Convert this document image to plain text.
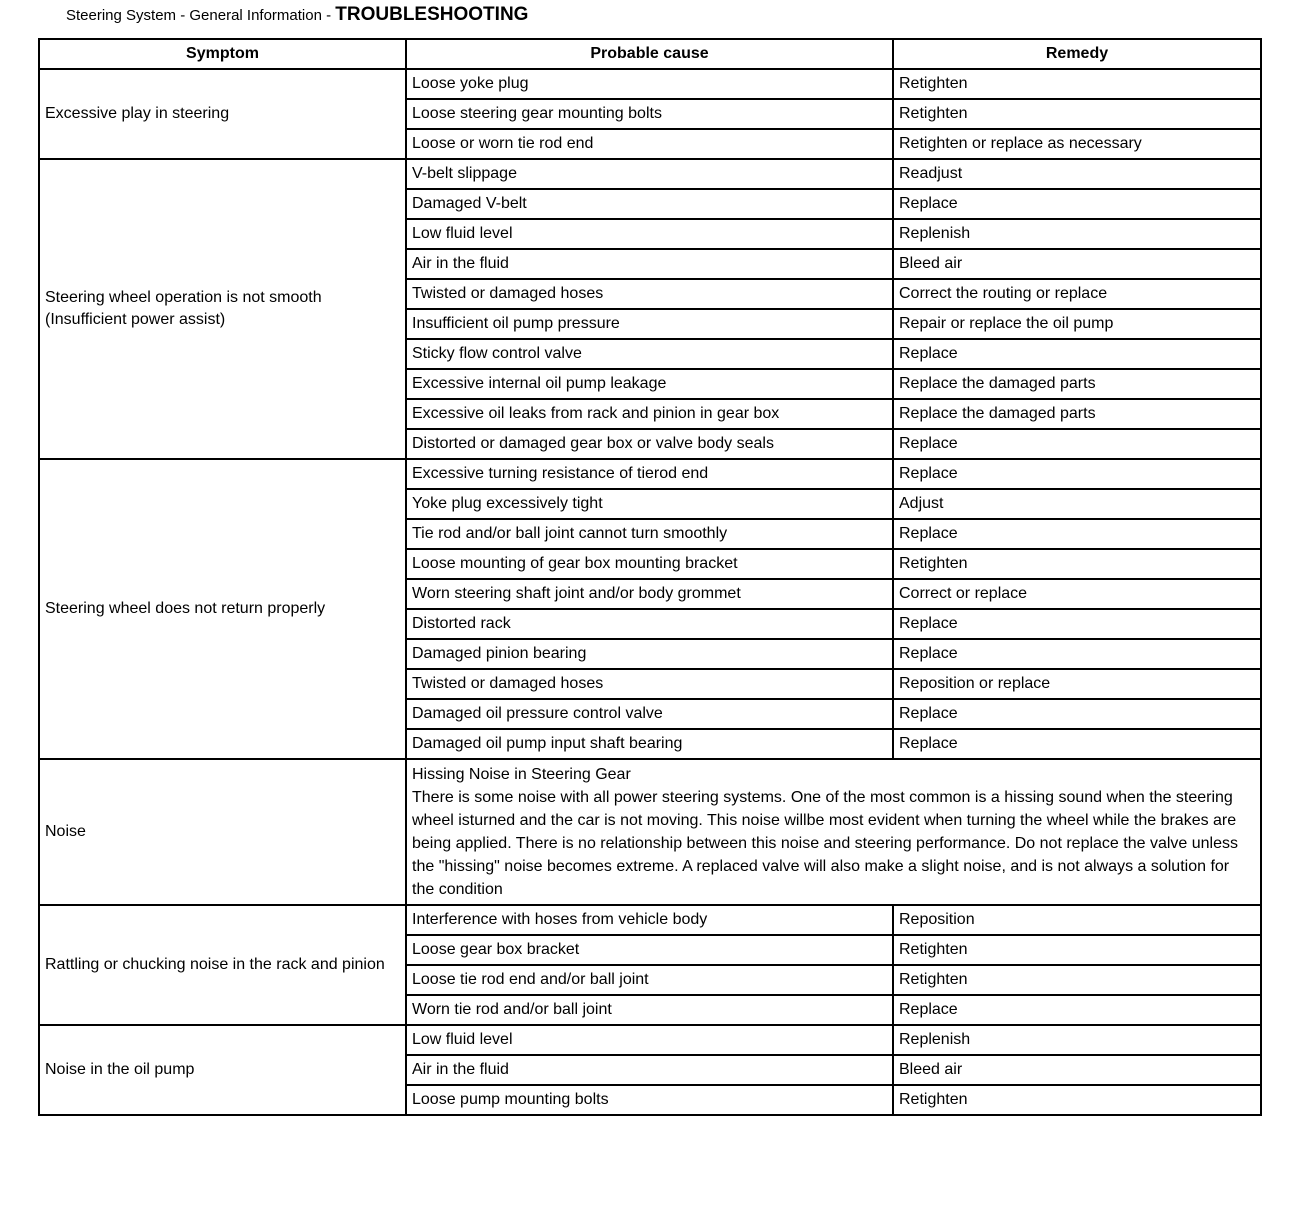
Steering System - General Information - TROUBLESHOOTING
Symptom	Probable cause	Remedy
Excessive play in steering	Loose yoke plug	Retighten
	Loose steering gear mounting bolts	Retighten
	Loose or worn tie rod end	Retighten or replace as necessary
Steering wheel operation is not smooth (Insufficient power assist)	V-belt slippage	Readjust
	Damaged V-belt	Replace
	Low fluid level	Replenish
	Air in the fluid	Bleed air
	Twisted or damaged hoses	Correct the routing or replace
	Insufficient oil pump pressure	Repair or replace the oil pump
	Sticky flow control valve	Replace
	Excessive internal oil pump leakage	Replace the damaged parts
	Excessive oil leaks from rack and pinion in gear box	Replace the damaged parts
	Distorted or damaged gear box or valve body seals	Replace
Steering wheel does not return properly	Excessive turning resistance of tierod end	Replace
	Yoke plug excessively tight	Adjust
	Tie rod and/or ball joint cannot turn smoothly	Replace
	Loose mounting of gear box mounting bracket	Retighten
	Worn steering shaft joint and/or body grommet	Correct or replace
	Distorted rack	Replace
	Damaged pinion bearing	Replace
	Twisted or damaged hoses	Reposition or replace
	Damaged oil pressure control valve	Replace
	Damaged oil pump input shaft bearing	Replace
Noise	Hissing Noise in Steering Gear
There is some noise with all power steering systems. One of the most common is a hissing sound when the steering wheel isturned and the car is not moving. This noise willbe most evident when turning the wheel while the brakes are being applied. There is no relationship between this noise and steering performance. Do not replace the valve unless the "hissing" noise becomes extreme. A replaced valve will also make a slight noise, and is not always a solution for the condition	

Rattling or chucking noise in the rack and pinion	Interference with hoses from vehicle body	Reposition
	Loose gear box bracket	Retighten
	Loose tie rod end and/or ball joint	Retighten
	Worn tie rod and/or ball joint	Replace
Noise in the oil pump	Low fluid level	Replenish
	Air in the fluid	Bleed air
	Loose pump mounting bolts	Retighten
